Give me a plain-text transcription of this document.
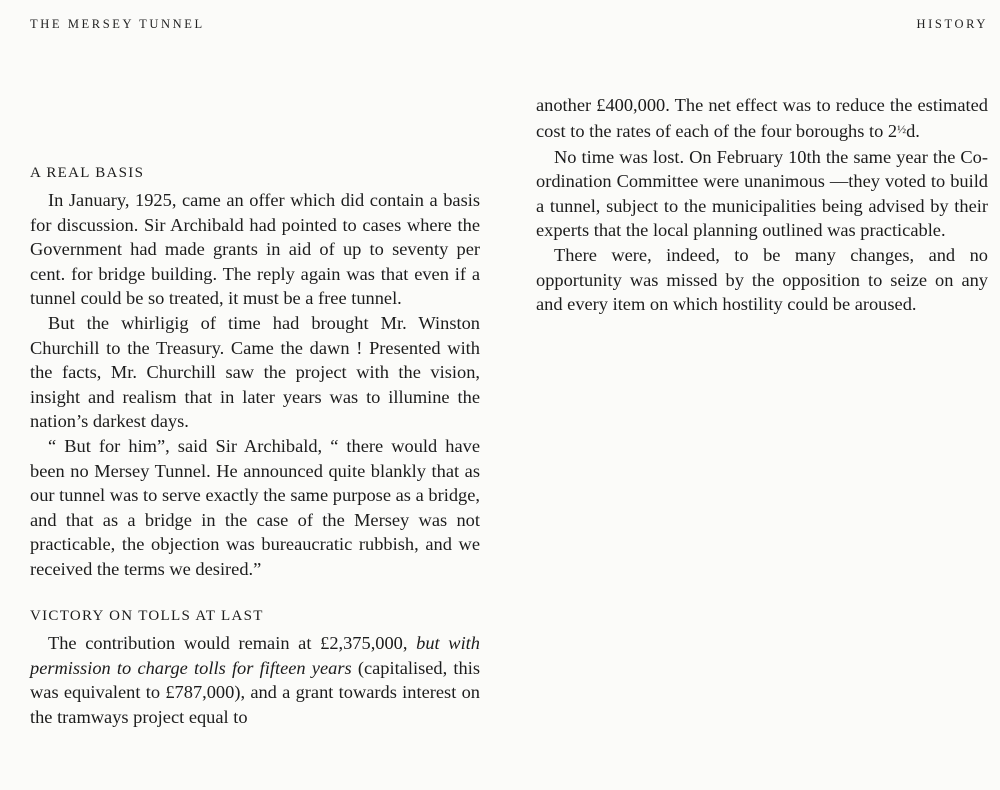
THE MERSEY TUNNEL	HISTORY
A REAL BASIS

In January, 1925, came an offer which did contain a basis for discussion. Sir Archibald had pointed to cases where the Government had made grants in aid of up to seventy per cent. for bridge building. The reply again was that even if a tunnel could be so treated, it must be a free tunnel.

But the whirligig of time had brought Mr. Winston Churchill to the Treasury. Came the dawn ! Presented with the facts, Mr. Churchill saw the project with the vision, insight and realism that in later years was to illumine the nation’s darkest days.

“ But for him”, said Sir Archibald, “ there would have been no Mersey Tunnel. He announced quite blankly that as our tunnel was to serve exactly the same purpose as a bridge, and that as a bridge in the case of the Mersey was not practicable, the objection was bureaucratic rubbish, and we received the terms we desired.”

VICTORY ON TOLLS AT LAST

The contribution would remain at £2,375,000, but with permission to charge tolls for fifteen years (capitalised, this was equivalent to £787,000), and a grant towards interest on the tramways project equal to

another £400,000. The net effect was to reduce the estimated cost to the rates of each of the four boroughs to $2^{\frac{1}{2}}d$.

No time was lost. On February 10th the same year the Co-ordination Committee were unanimous —they voted to build a tunnel, subject to the municipalities being advised by their experts that the local planning outlined was practicable.

There were, indeed, to be many changes, and no opportunity was missed by the opposition to seize on any and every item on which hostility could be aroused.
